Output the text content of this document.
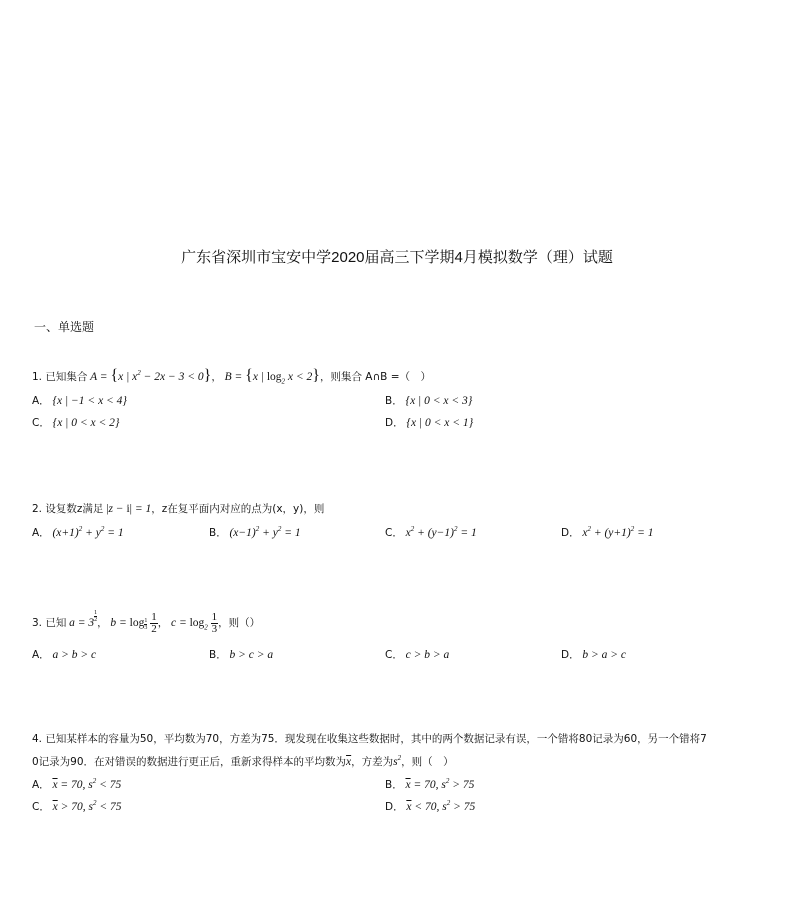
广东省深圳市宝安中学2020届高三下学期4月模拟数学（理）试题
一、单选题
1. 已知集合 A = {x | $x^2 - 2x - 3 < 0$}， B = {x | $\log_2 x < 2$}，则集合 A∩B =（　）
A． {x | −1 < x < 4}	B． {x | 0 < x < 3}
C． {x | 0 < x < 2}	D． {x | 0 < x < 1}
2. 设复数z满足 |z − i| = 1，z在复平面内对应的点为(x，y)，则
A． $(x+1)^2 + y^2 = 1$	B． $(x-1)^2 + y^2 = 1$	C． $x^2 + (y-1)^2 = 1$	D． $x^2 + (y+1)^2 = 1$
3. 已知 $a = 3 \frac{1}{2}$ ， $b = \log \frac{1}{3}$
$\frac{1}{2}$ ， $c = \log_2 \frac{1}{3}$ ，则（）
A． a > b > c	B． b > c > a	C． c > b > a	D． b > a > c
4. 已知某样本的容量为50，平均数为70，方差为75．现发现在收集这些数据时，其中的两个数据记录有误，一个错将80记录为60，另一个错将7
0记录为90．在对错误的数据进行更正后，重新求得样本的平均数为$\overline{x}$，方差为$s^2$，则（　）
A． $\overline{x} = 70$, $s^2 < 75$	B． $\overline{x} = 70$, $s^2 > 75$
C． $\overline{x} > 70$, $s^2 < 75$	D． $\overline{x} < 70$, $s^2 > 75$
